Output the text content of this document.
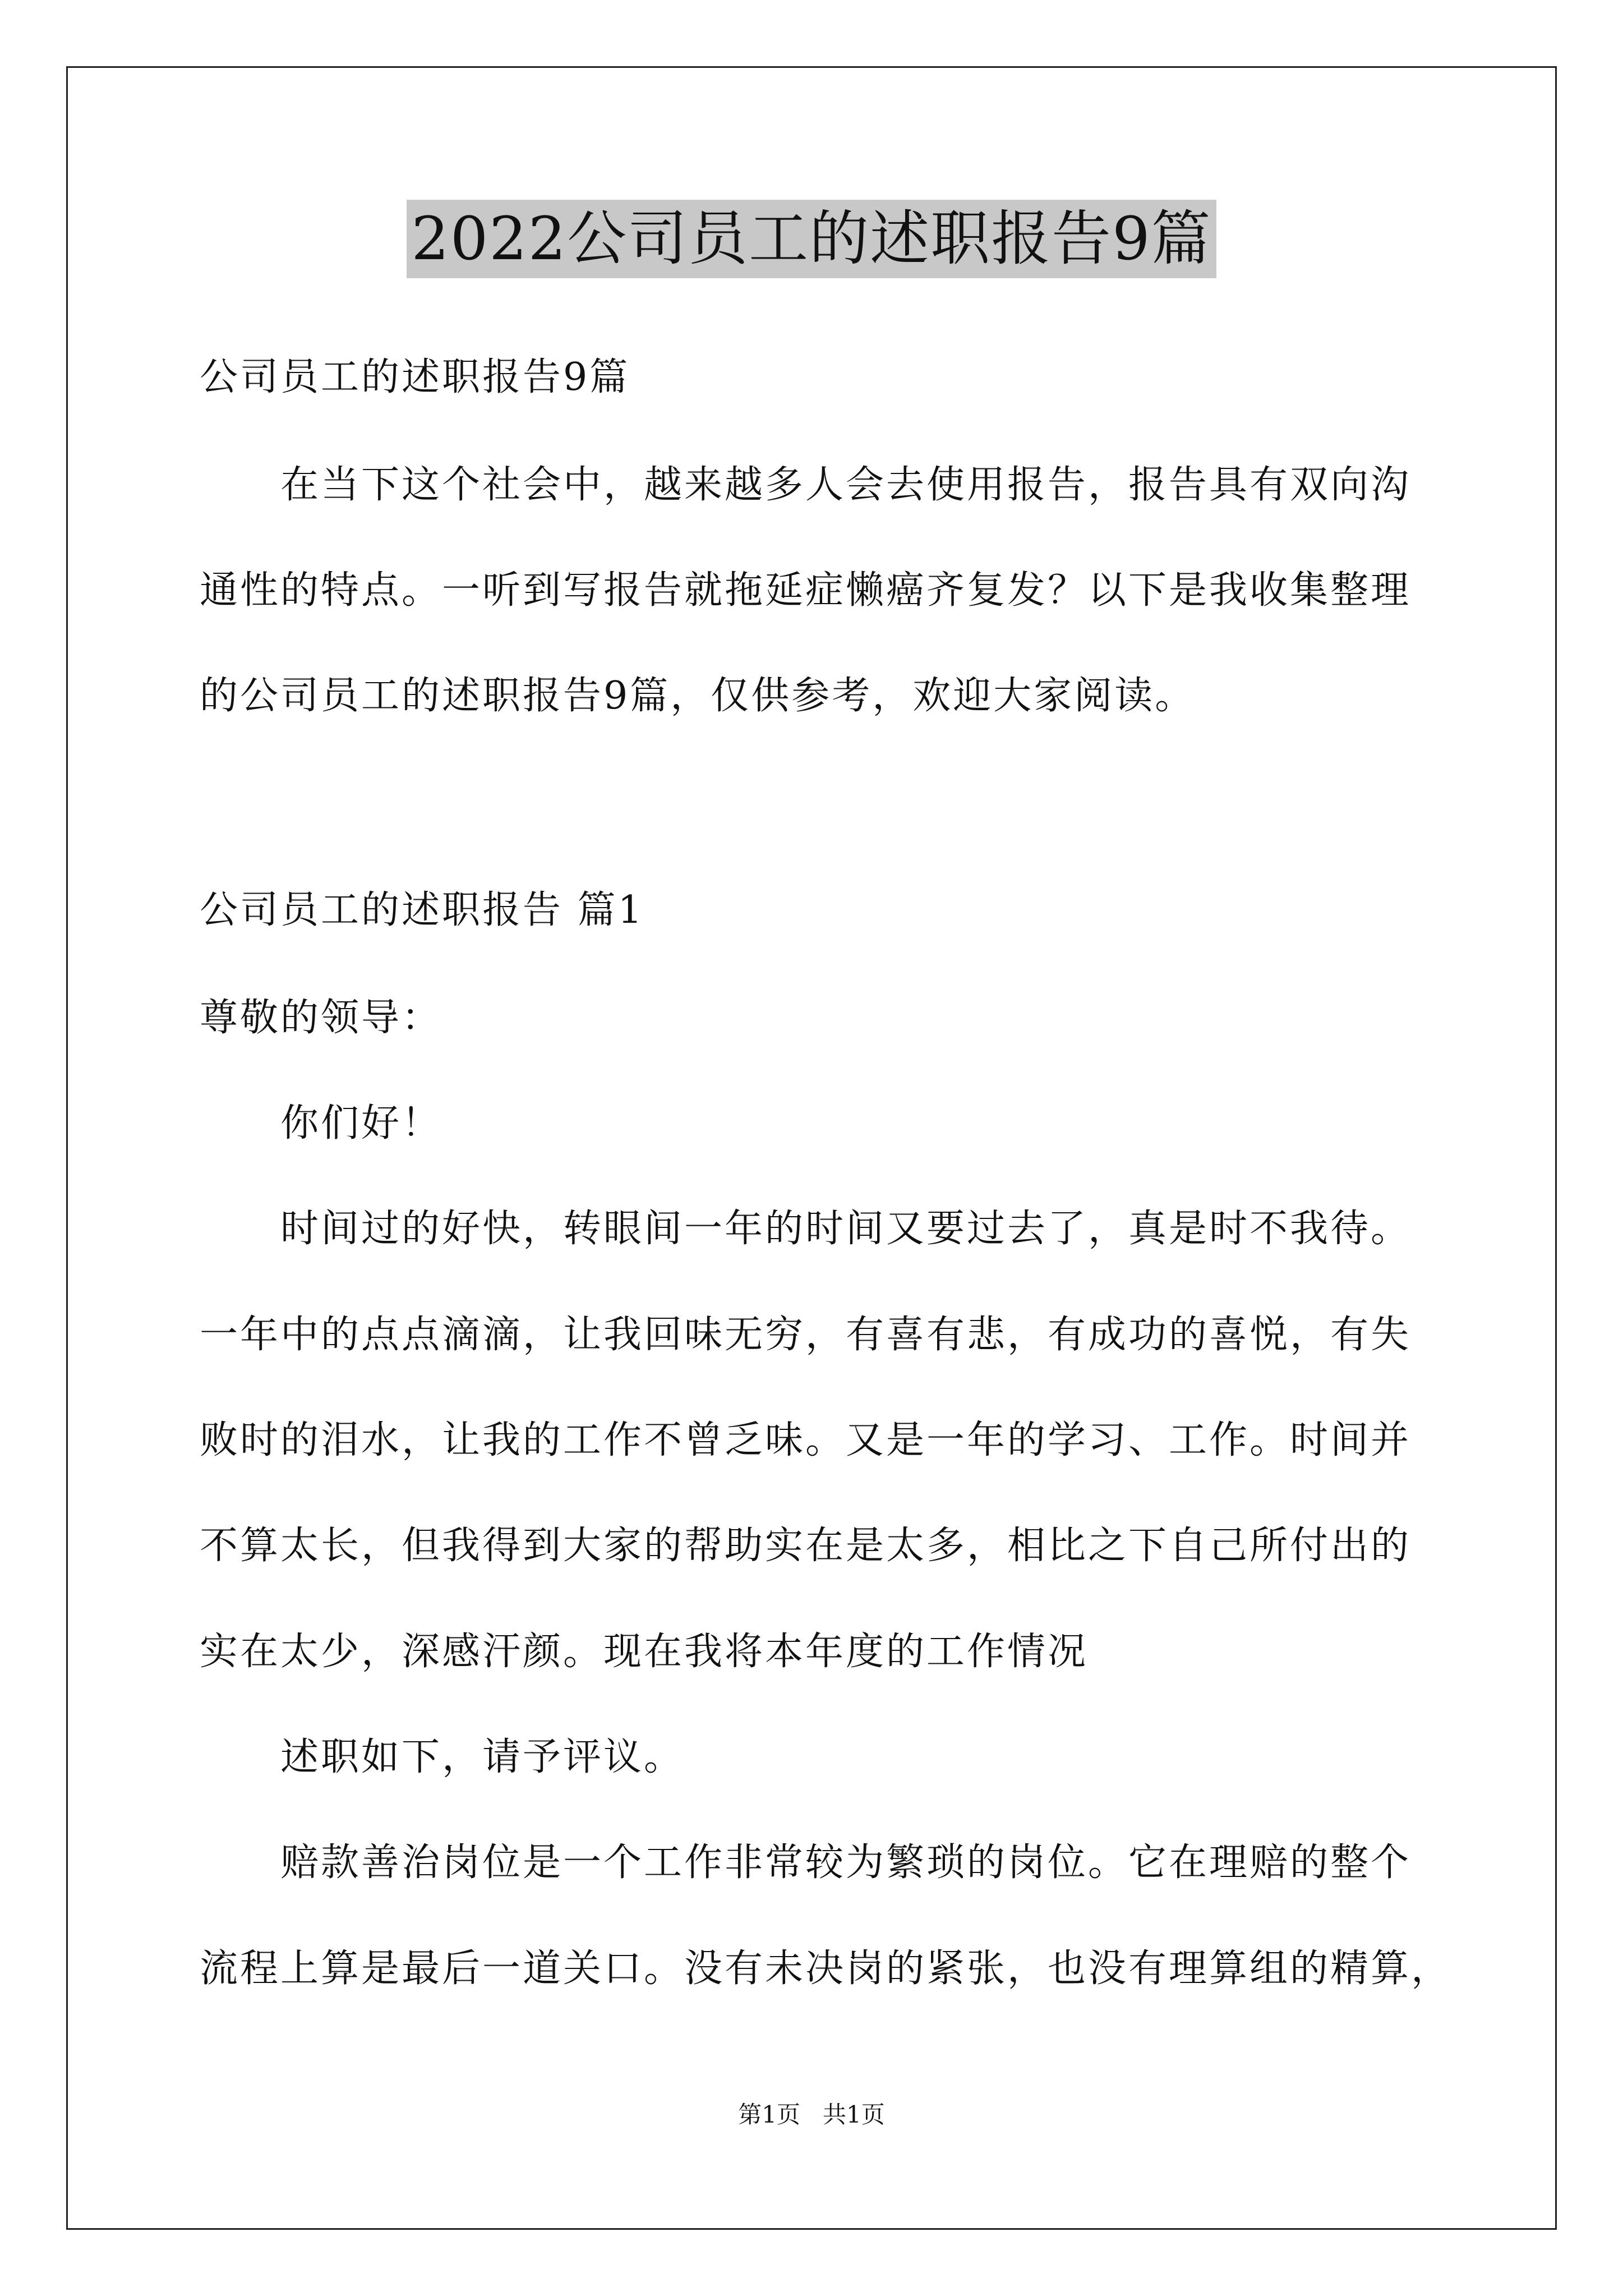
2022公司员工的述职报告9篇
公司员工的述职报告9篇
在当下这个社会中，越来越多人会去使用报告，报告具有双向沟
通性的特点。一听到写报告就拖延症懒癌齐复发？以下是我收集整理
的公司员工的述职报告9篇，仅供参考，欢迎大家阅读。
公司员工的述职报告 篇1
尊敬的领导：
你们好！
时间过的好快，转眼间一年的时间又要过去了，真是时不我待。
一年中的点点滴滴，让我回味无穷，有喜有悲，有成功的喜悦，有失
败时的泪水，让我的工作不曾乏味。又是一年的学习、工作。时间并
不算太长，但我得到大家的帮助实在是太多，相比之下自己所付出的
实在太少，深感汗颜。现在我将本年度的工作情况
述职如下，请予评议。
赔款善治岗位是一个工作非常较为繁琐的岗位。它在理赔的整个
流程上算是最后一道关口。没有未决岗的紧张，也没有理算组的精算，
第1页   共1页
